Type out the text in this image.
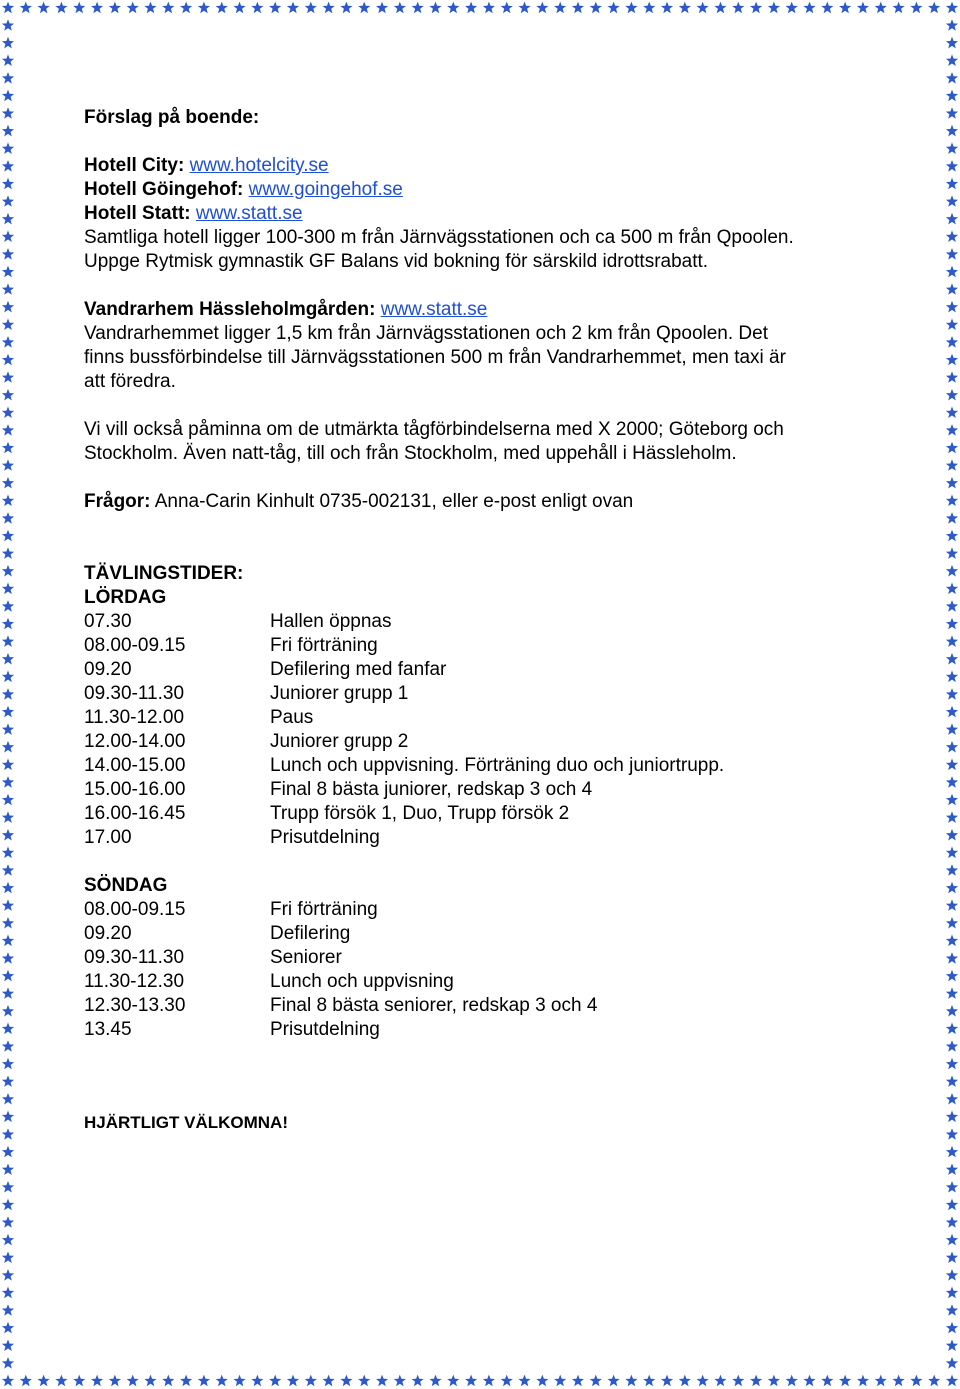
Förslag på boende:

Hotell City: www.hotelcity.se

Hotell Göingehof: www.goingehof.se

Hotell Statt: www.statt.se

Samtliga hotell ligger 100-300 m från Järnvägsstationen och ca 500 m från Qpoolen.

Uppge Rytmisk gymnastik GF Balans vid bokning för särskild idrottsrabatt.

Vandrarhem Hässleholmgården: www.statt.se

Vandrarhemmet ligger 1,5 km från Järnvägsstationen och 2 km från Qpoolen. Det

finns bussförbindelse till Järnvägsstationen 500 m från Vandrarhemmet, men taxi är

att föredra.

Vi vill också påminna om de utmärkta tågförbindelserna med X 2000; Göteborg och

Stockholm. Även natt-tåg, till och från Stockholm, med uppehåll i Hässleholm.

Frågor: Anna-Carin Kinhult 0735-002131, eller e-post enligt ovan

TÄVLINGSTIDER:

LÖRDAG

07.30	Hallen öppnas
08.00-09.15	Fri förträning
09.20	Defilering med fanfar
09.30-11.30	Juniorer grupp 1
11.30-12.00	Paus
12.00-14.00	Juniorer grupp 2
14.00-15.00	Lunch och uppvisning. Förträning duo och juniortrupp.
15.00-16.00	Final 8 bästa juniorer, redskap 3 och 4
16.00-16.45	Trupp försök 1, Duo, Trupp försök 2
17.00	Prisutdelning

SÖNDAG

08.00-09.15	Fri förträning
09.20	Defilering
09.30-11.30	Seniorer
11.30-12.30	Lunch och uppvisning
12.30-13.30	Final 8 bästa seniorer, redskap 3 och 4
13.45	Prisutdelning
HJÄRTLIGT VÄLKOMNA!
